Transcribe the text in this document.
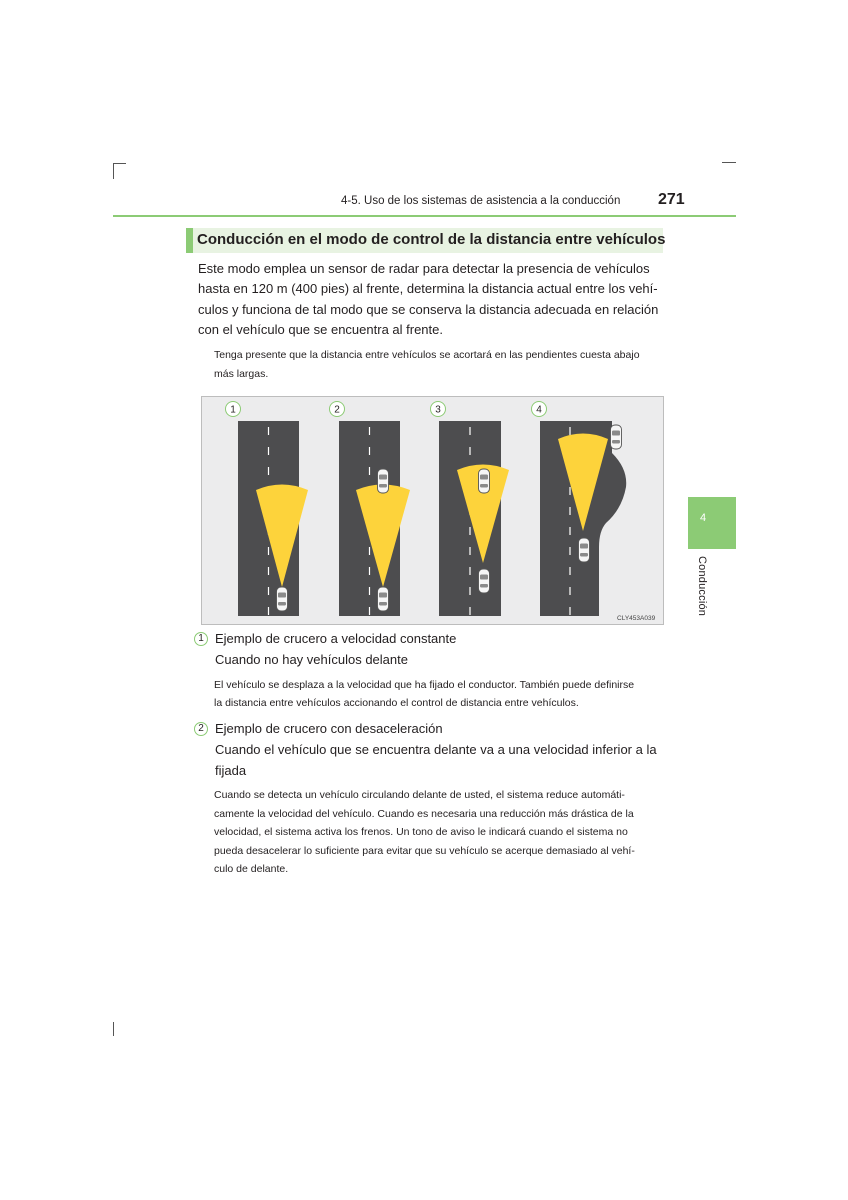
4-5. Uso de los sistemas de asistencia a la conducción 271
4
Conducción
Conducción en el modo de control de la distancia entre vehículos
Este modo emplea un sensor de radar para detectar la presencia de vehículos
hasta en 120 m (400 pies) al frente, determina la distancia actual entre los vehí-
culos y funciona de tal modo que se conserva la distancia adecuada en relación
con el vehículo que se encuentra al frente.
Tenga presente que la distancia entre vehículos se acortará en las pendientes cuesta abajo
más largas.
1	2	3	4
CLY453A039
1 Ejemplo de crucero a velocidad constante
Cuando no hay vehículos delante
El vehículo se desplaza a la velocidad que ha fijado el conductor. También puede definirse
la distancia entre vehículos accionando el control de distancia entre vehículos.
2 Ejemplo de crucero con desaceleración
Cuando el vehículo que se encuentra delante va a una velocidad inferior a la
fijada
Cuando se detecta un vehículo circulando delante de usted, el sistema reduce automáti-
camente la velocidad del vehículo. Cuando es necesaria una reducción más drástica de la
velocidad, el sistema activa los frenos. Un tono de aviso le indicará cuando el sistema no
pueda desacelerar lo suficiente para evitar que su vehículo se acerque demasiado al vehí-
culo de delante.
